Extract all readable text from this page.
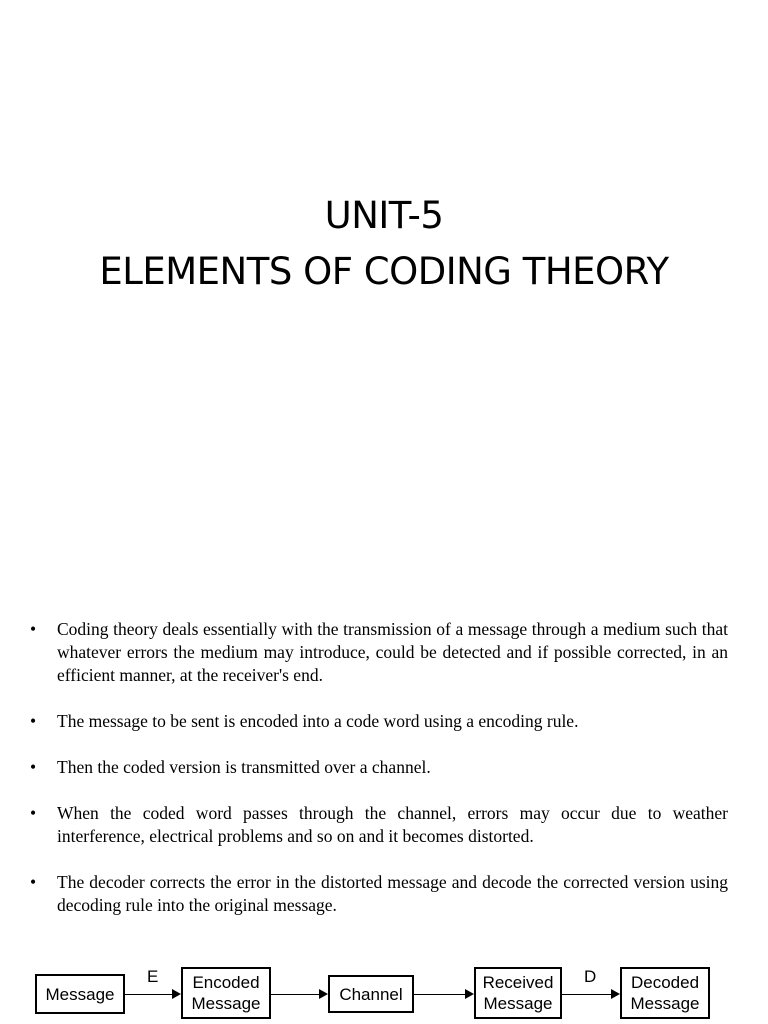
UNIT-5
ELEMENTS OF CODING THEORY
• Coding theory deals essentially with the transmission of a message through a medium such that whatever errors the medium may introduce, could be detected and if possible corrected, in an efficient manner, at the receiver's end.
• The message to be sent is encoded into a code word using a encoding rule.
• Then the coded version is transmitted over a channel.
• When the coded word passes through the channel, errors may occur due to weather interference, electrical problems and so on and it becomes distorted.
• The decoder corrects the error in the distorted message and decode the corrected version using decoding rule into the original message.
Message
E Encoded
Message	Channel
Received
Message
D Decoded
Message
